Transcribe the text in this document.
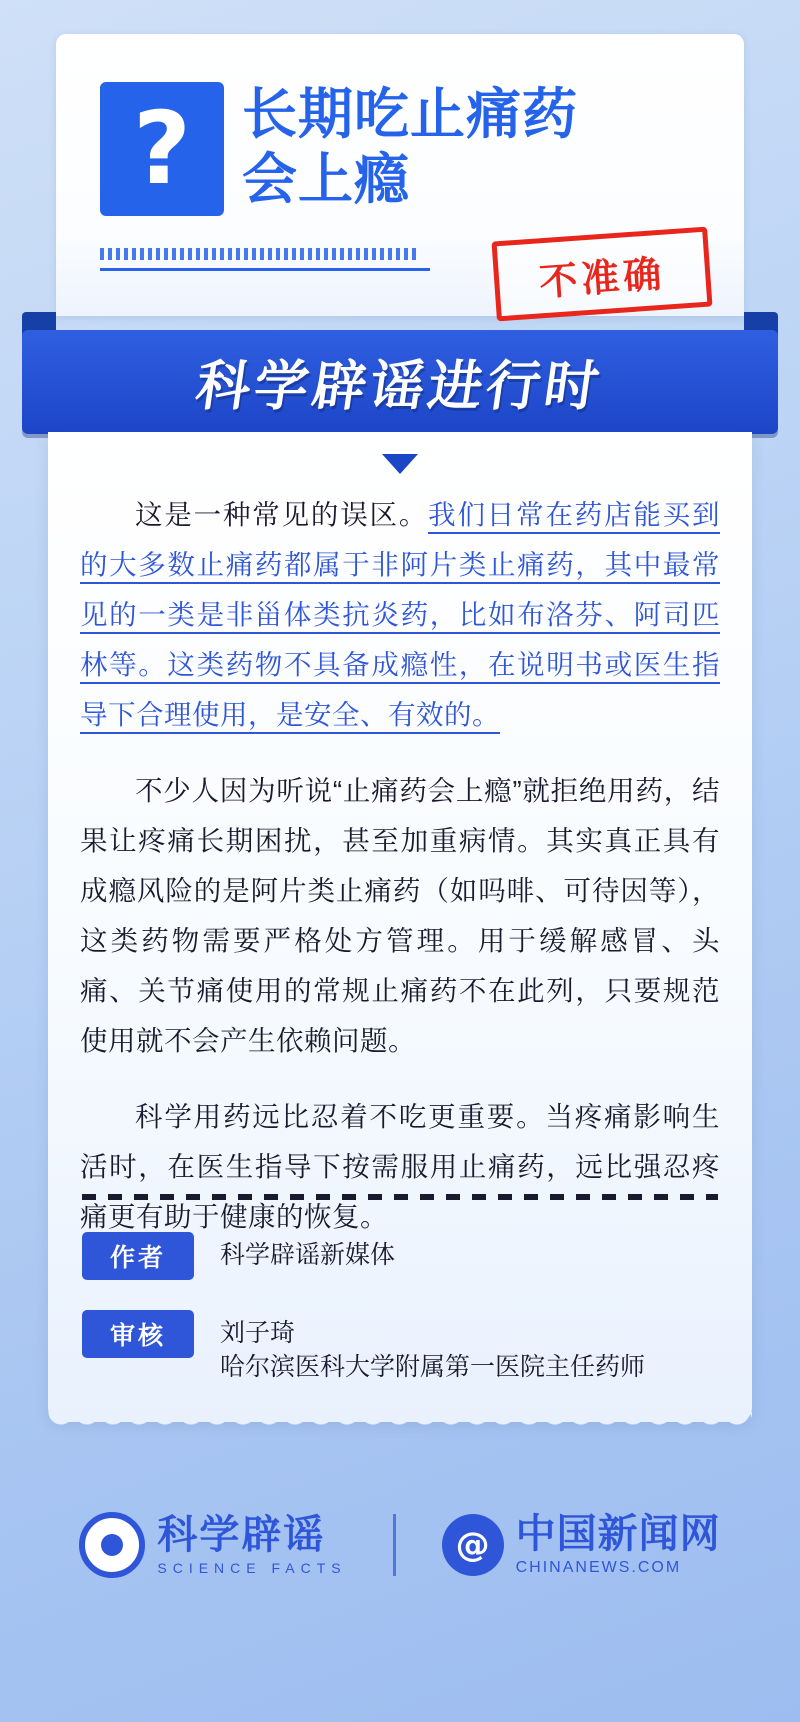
? 长期吃止痛药
会上瘾
不准确
科学辟谣进行时

这是一种常见的误区。我们日常在药店能买到的大多数止痛药都属于非阿片类止痛药，其中最常见的一类是非甾体类抗炎药，比如布洛芬、阿司匹林等。这类药物不具备成瘾性，在说明书或医生指导下合理使用，是安全、有效的。

不少人因为听说“止痛药会上瘾”就拒绝用药，结果让疼痛长期困扰，甚至加重病情。其实真正具有成瘾风险的是阿片类止痛药（如吗啡、可待因等），这类药物需要严格处方管理。用于缓解感冒、头痛、关节痛使用的常规止痛药不在此列，只要规范使用就不会产生依赖问题。

科学用药远比忍着不吃更重要。当疼痛影响生活时，在医生指导下按需服用止痛药，远比强忍疼痛更有助于健康的恢复。

作者	科学辟谣新媒体
审核	刘子琦
哈尔滨医科大学附属第一医院主任药师
科学辟谣
SCIENCE FACTS
@ 中国新闻网
CHINANEWS.COM
